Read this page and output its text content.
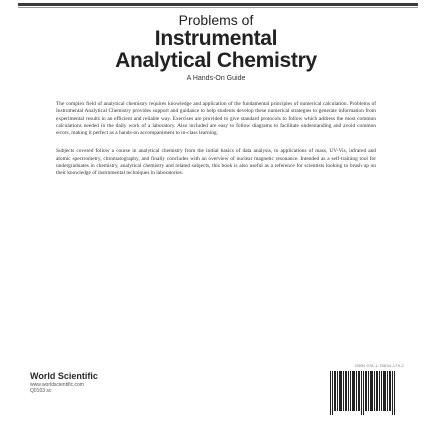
Problems of
Instrumental
Analytical Chemistry
A Hands-On Guide

The complex field of analytical chemistry requires knowledge and application of the fundamental principles of numerical calculation. Problems of Instrumental Analytical Chemistry provides support and guidance to help students develop these numerical strategies to generate information from experimental results in an efficient and reliable way. Exercises are provided to give standard protocols to follow which address the most common calculations needed in the daily work of a laboratory. Also included are easy to follow diagrams to facilitate understanding and avoid common errors, making it perfect as a hands-on accompaniment to in-class learning.

Subjects covered follow a course in analytical chemistry from the initial basics of data analysis, to applications of mass, UV-Vis, infrared and atomic spectrometry, chromatography, and finally concludes with an overview of nuclear magnetic resonance. Intended as a self-training tool for undergraduates in chemistry, analytical chemistry and related subjects, this book is also useful as a reference for scientists looking to brush up on their knowledge of instrumental techniques in laboratories.

World Scientific
www.worldscientific.com
Q0103 sc
ISBN 978-1-78634-179-2
